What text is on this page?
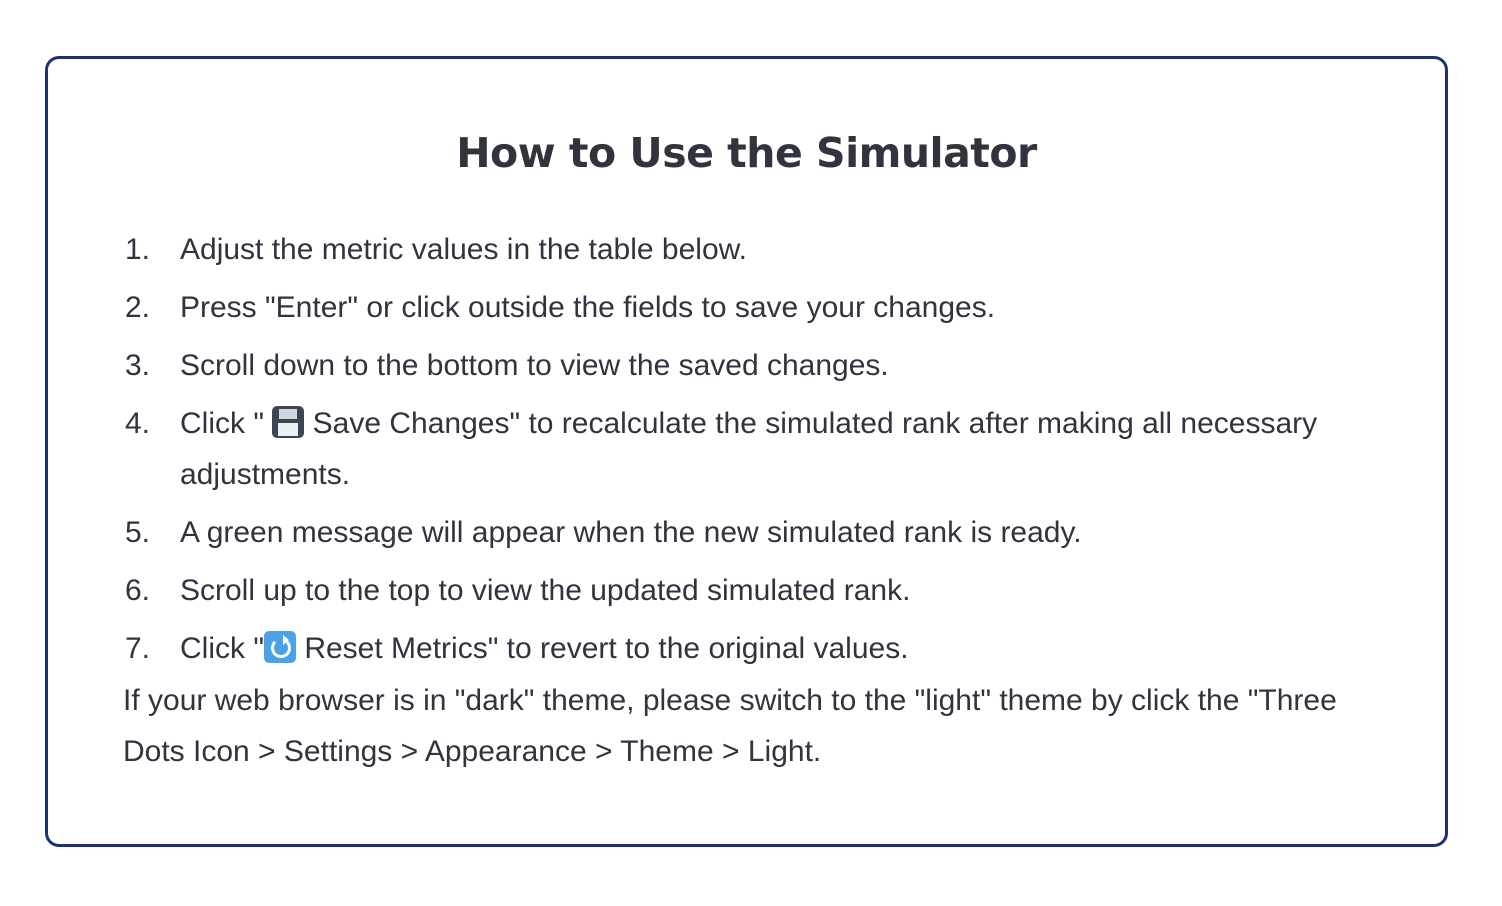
How to Use the Simulator
1. Adjust the metric values in the table below.
2. Press "Enter" or click outside the fields to save your changes.
3. Scroll down to the bottom to view the saved changes.
4. Click "  Save Changes" to recalculate the simulated rank after making all necessary adjustments.
5. A green message will appear when the new simulated rank is ready.
6. Scroll up to the top to view the updated simulated rank.
7. Click " Reset Metrics" to revert to the original values.

If your web browser is in "dark" theme, please switch to the "light" theme by click the "Three Dots Icon > Settings > Appearance > Theme > Light.
